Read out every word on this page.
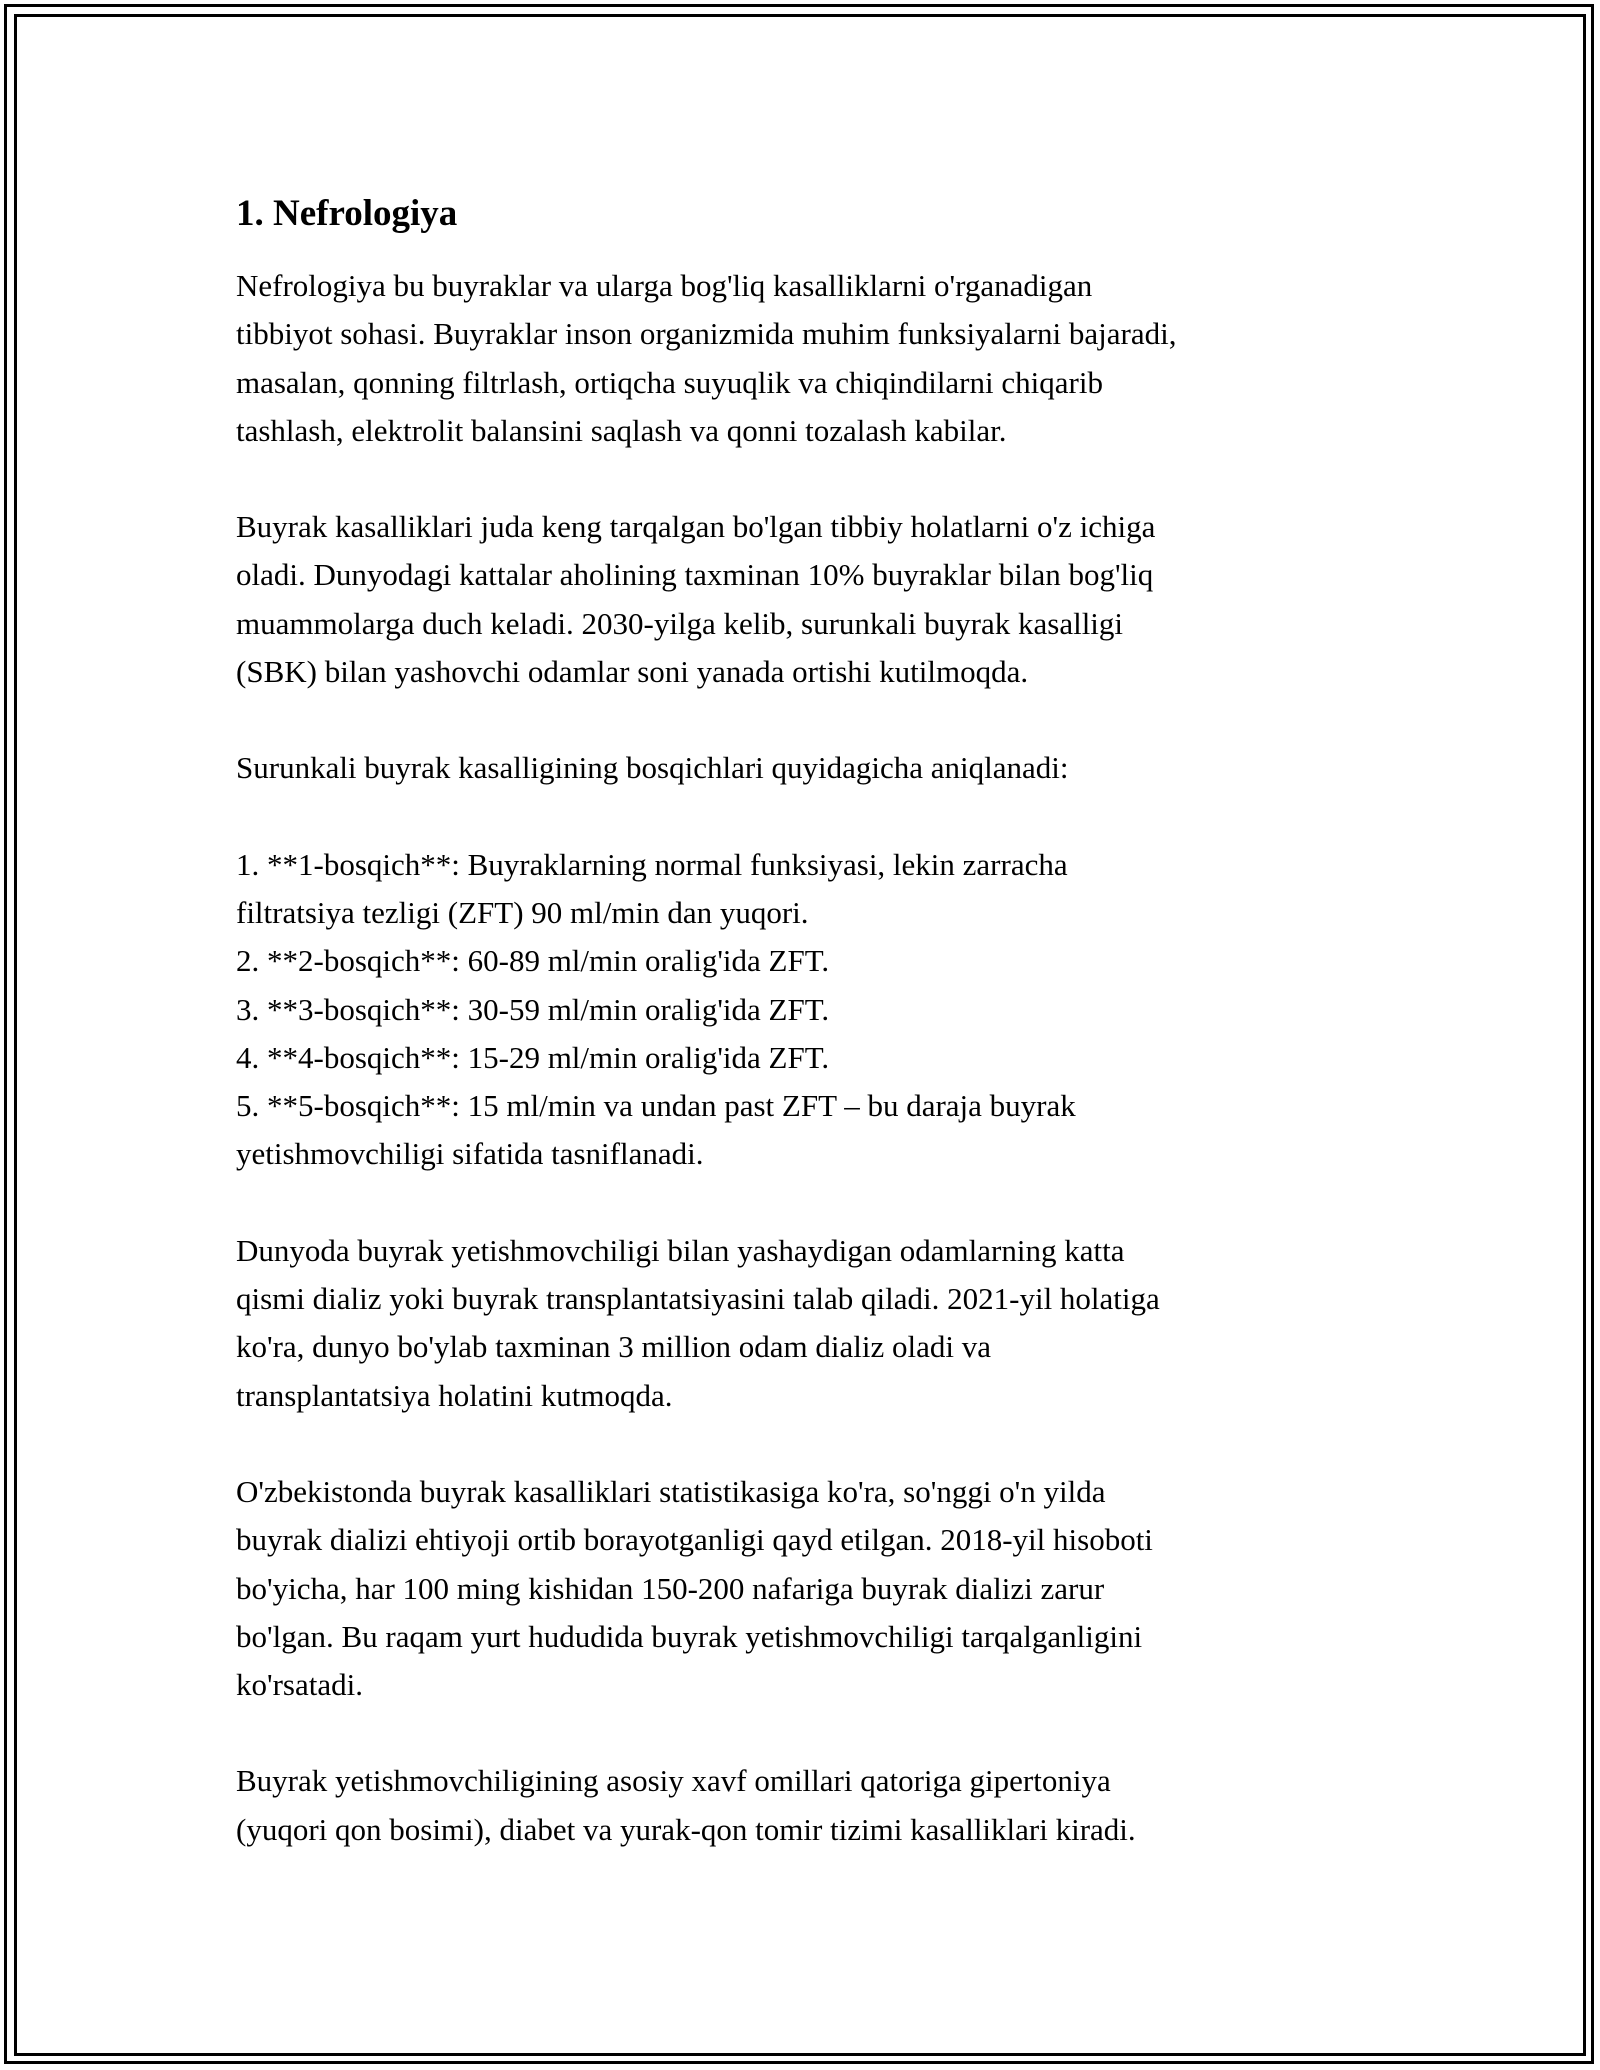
1. Nefrologiya

Nefrologiya bu buyraklar va ularga bog'liq kasalliklarni o'rganadigan
tibbiyot sohasi. Buyraklar inson organizmida muhim funksiyalarni bajaradi,
masalan, qonning filtrlash, ortiqcha suyuqlik va chiqindilarni chiqarib
tashlash, elektrolit balansini saqlash va qonni tozalash kabilar.

Buyrak kasalliklari juda keng tarqalgan bo'lgan tibbiy holatlarni o'z ichiga
oladi. Dunyodagi kattalar aholining taxminan 10% buyraklar bilan bog'liq
muammolarga duch keladi. 2030-yilga kelib, surunkali buyrak kasalligi
(SBK) bilan yashovchi odamlar soni yanada ortishi kutilmoqda.

Surunkali buyrak kasalligining bosqichlari quyidagicha aniqlanadi:

1. **1-bosqich**: Buyraklarning normal funksiyasi, lekin zarracha
filtratsiya tezligi (ZFT) 90 ml/min dan yuqori.
2. **2-bosqich**: 60-89 ml/min oralig'ida ZFT.
3. **3-bosqich**: 30-59 ml/min oralig'ida ZFT.
4. **4-bosqich**: 15-29 ml/min oralig'ida ZFT.
5. **5-bosqich**: 15 ml/min va undan past ZFT – bu daraja buyrak
yetishmovchiligi sifatida tasniflanadi.

Dunyoda buyrak yetishmovchiligi bilan yashaydigan odamlarning katta
qismi dializ yoki buyrak transplantatsiyasini talab qiladi. 2021-yil holatiga
ko'ra, dunyo bo'ylab taxminan 3 million odam dializ oladi va
transplantatsiya holatini kutmoqda.

O'zbekistonda buyrak kasalliklari statistikasiga ko'ra, so'nggi o'n yilda
buyrak dializi ehtiyoji ortib borayotganligi qayd etilgan. 2018-yil hisoboti
bo'yicha, har 100 ming kishidan 150-200 nafariga buyrak dializi zarur
bo'lgan. Bu raqam yurt hududida buyrak yetishmovchiligi tarqalganligini
ko'rsatadi.

Buyrak yetishmovchiligining asosiy xavf omillari qatoriga gipertoniya
(yuqori qon bosimi), diabet va yurak-qon tomir tizimi kasalliklari kiradi.
